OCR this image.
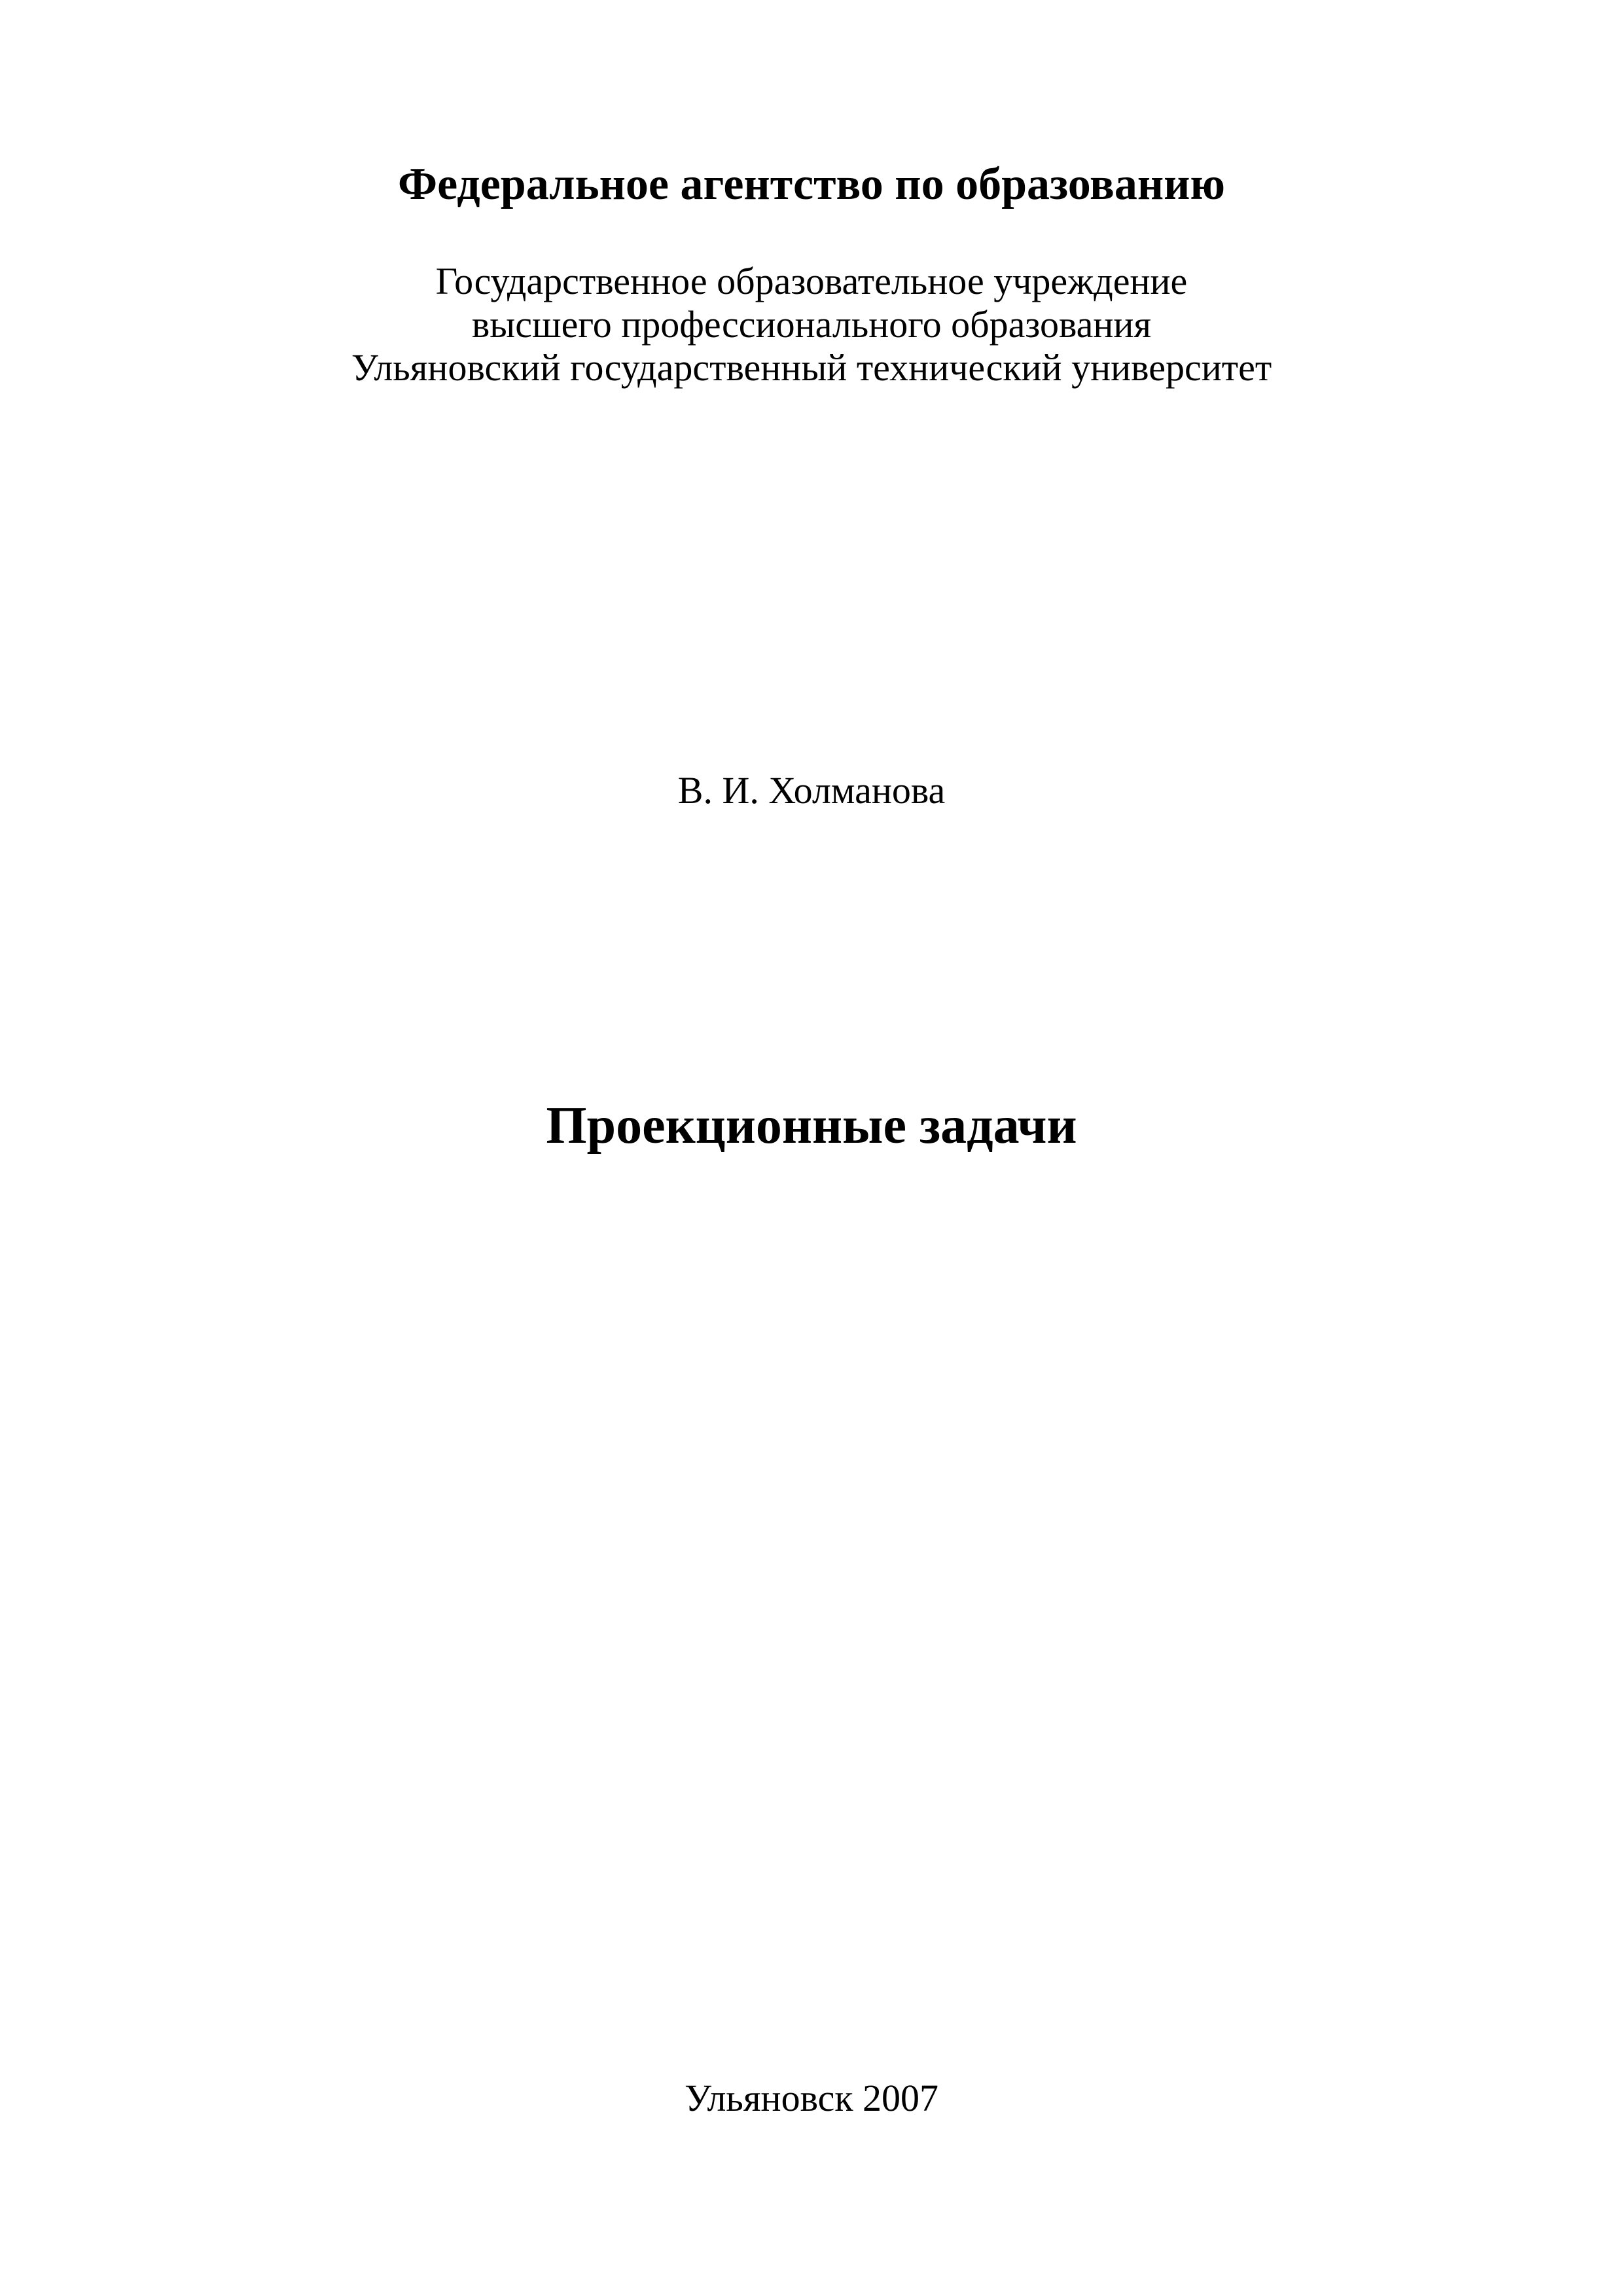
Федеральное агентство по образованию
Государственное образовательное учреждение
высшего профессионального образования
Ульяновский государственный технический университет

В. И. Холманова

Проекционные задачи

Ульяновск 2007
